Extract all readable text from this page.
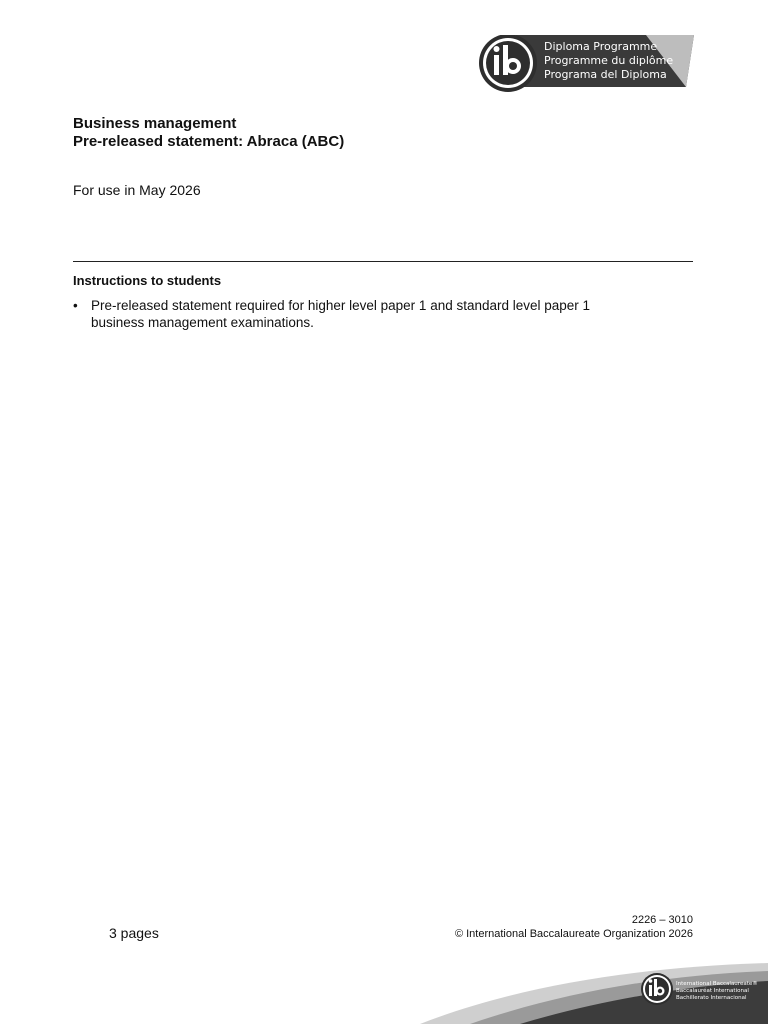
Diploma Programme
Programme du diplôme
Programa del Diploma
Business management
Pre-released statement: Abraca (ABC)
For use in May 2026
Instructions to students
• Pre-released statement required for higher level paper 1 and standard level paper 1 business management examinations.
3 pages
2226 – 3010
© International Baccalaureate Organization 2026
International Baccalaureate®
Baccalauréat International
Bachillerato Internacional
